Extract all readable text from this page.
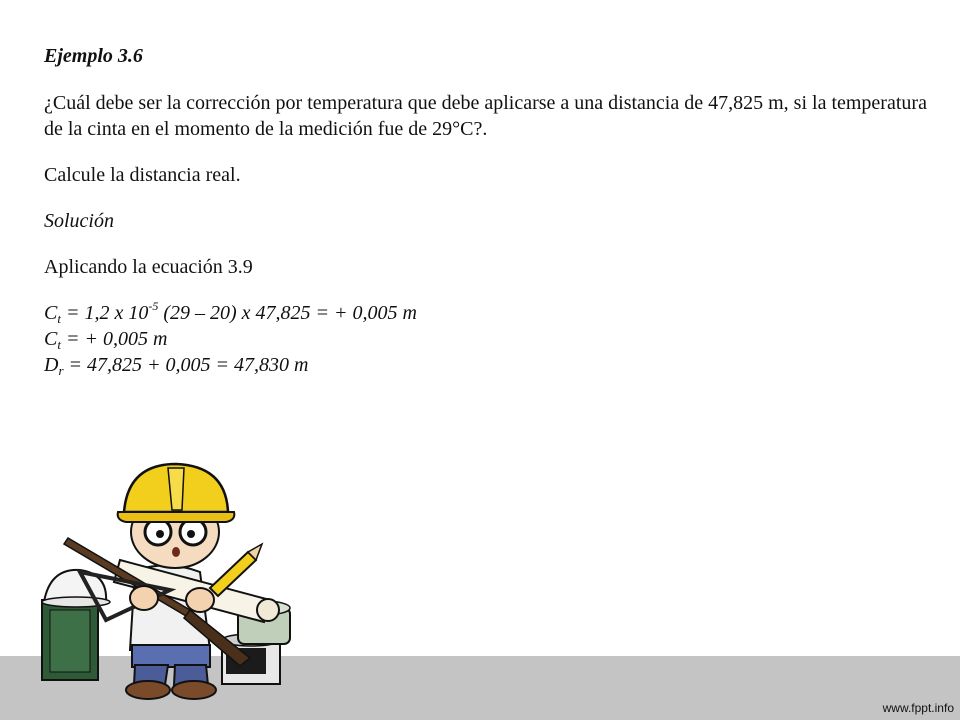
www.fppt.info

Ejemplo 3.6

¿Cuál debe ser la corrección por temperatura que debe aplicarse a una distancia de 47,825 m, si la temperatura de la cinta en el momento de la medición fue de 29°C?.

Calcule la distancia real.

Solución

Aplicando la ecuación 3.9

$C_t = 1,2$ x $10^{-5}$ (29 – 20) x 47,825 = + 0,005 m
$C_t$ = + 0,005 m
$D_r = 47,825 + 0,005 = 47,830$ m
